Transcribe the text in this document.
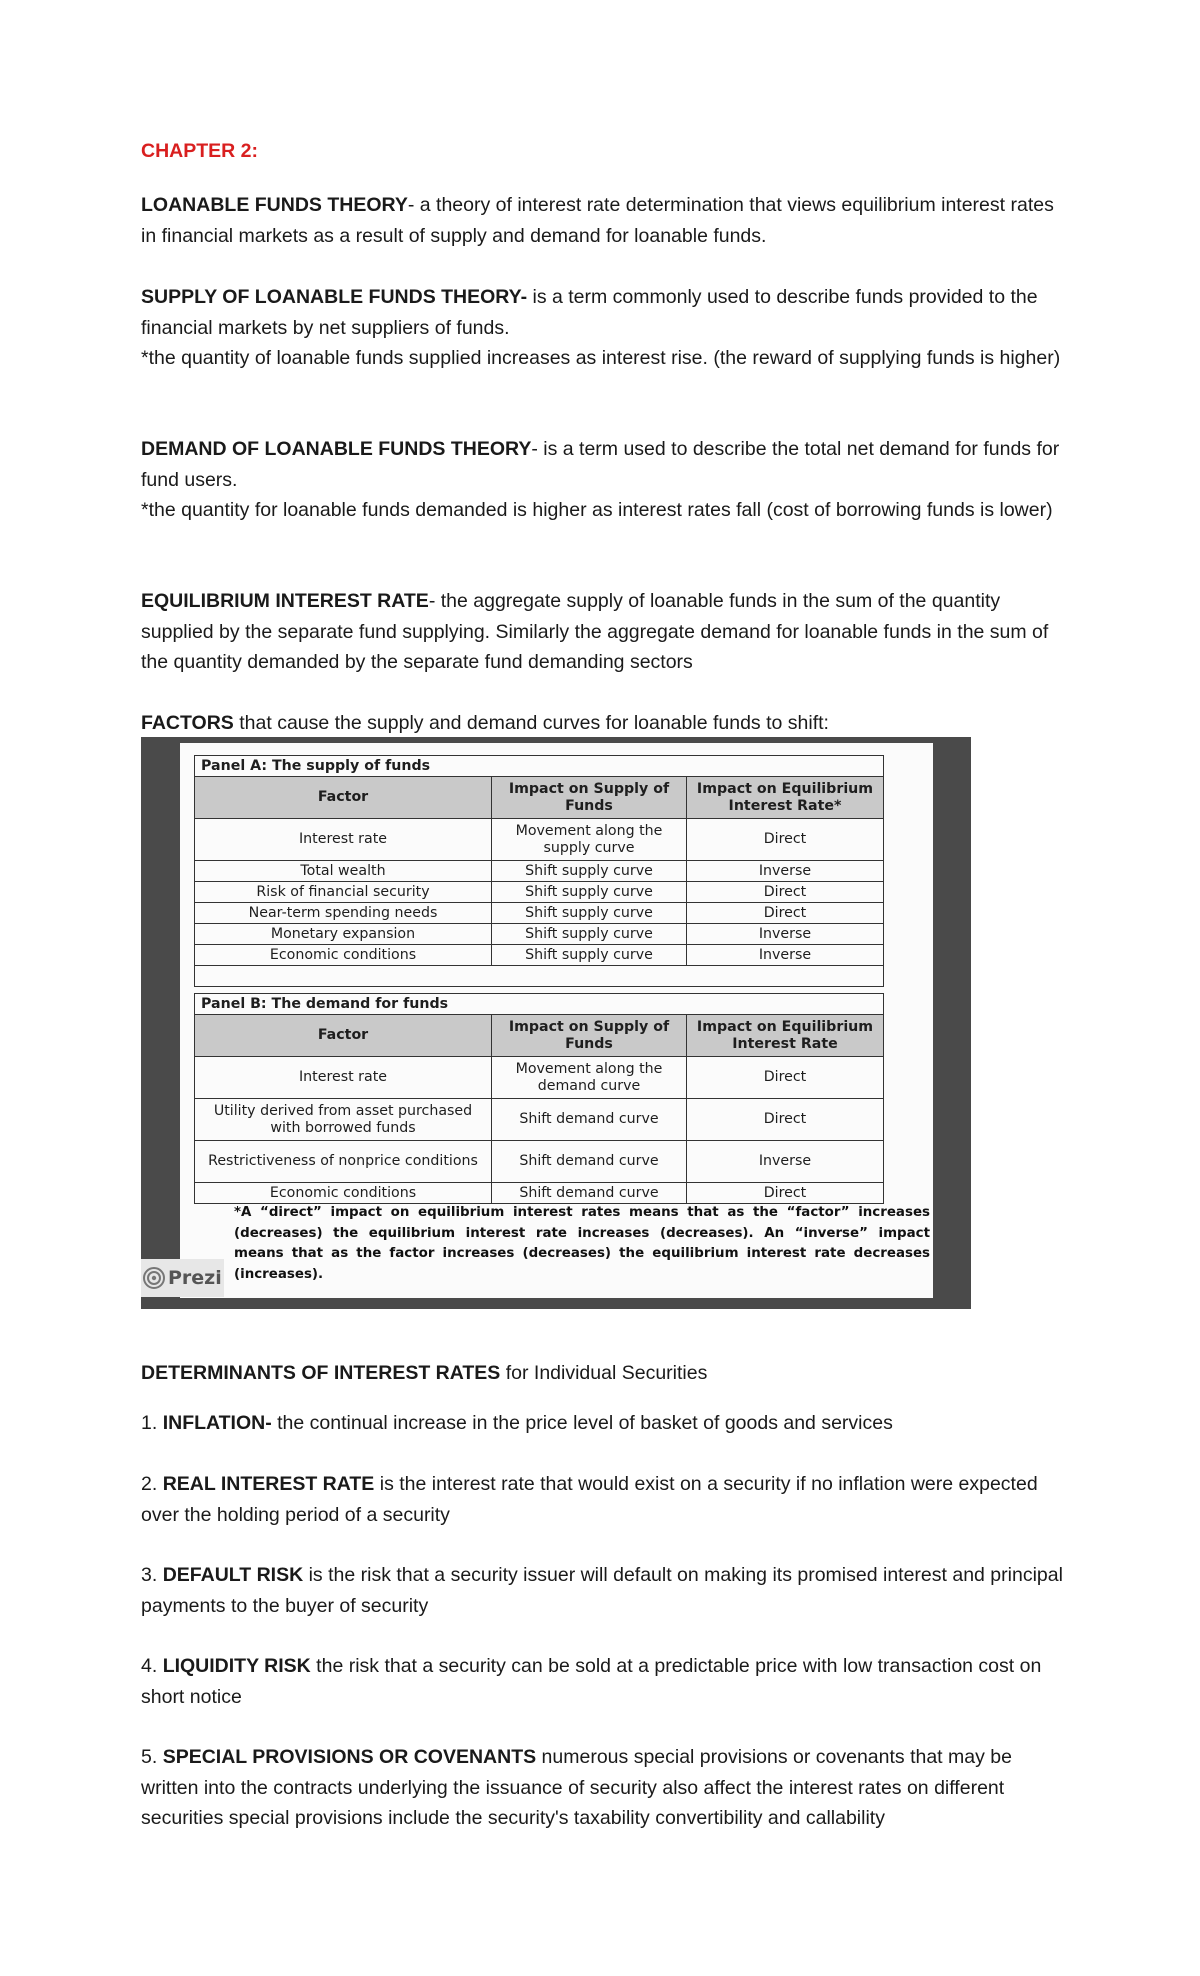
CHAPTER 2:

LOANABLE FUNDS THEORY- a theory of interest rate determination that views equilibrium interest rates in financial markets as a result of supply and demand for loanable funds.

SUPPLY OF LOANABLE FUNDS THEORY- is a term commonly used to describe funds provided to the financial markets by net suppliers of funds.

*the quantity of loanable funds supplied increases as interest rise. (the reward of supplying funds is higher)

DEMAND OF LOANABLE FUNDS THEORY- is a term used to describe the total net demand for funds for fund users.

*the quantity for loanable funds demanded is higher as interest rates fall (cost of borrowing funds is lower)

EQUILIBRIUM INTEREST RATE- the aggregate supply of loanable funds in the sum of the quantity supplied by the separate fund supplying. Similarly the aggregate demand for loanable funds in the sum of the quantity demanded by the separate fund demanding sectors

FACTORS that cause the supply and demand curves for loanable funds to shift:

Panel A: The supply of funds		
Factor	Impact on Supply of Funds	Impact on Equilibrium Interest Rate*
Interest rate	Movement along the supply curve	Direct
Total wealth	Shift supply curve	Inverse
Risk of financial security	Shift supply curve	Direct
Near-term spending needs	Shift supply curve	Direct
Monetary expansion	Shift supply curve	Inverse
Economic conditions	Shift supply curve	Inverse

Panel B: The demand for funds		
Factor	Impact on Supply of Funds	Impact on Equilibrium Interest Rate
Interest rate	Movement along the demand curve	Direct
Utility derived from asset purchased with borrowed funds	Shift demand curve	Direct
Restrictiveness of nonprice conditions	Shift demand curve	Inverse
Economic conditions	Shift demand curve	Direct
*A “direct” impact on equilibrium interest rates means that as the “factor” increases (decreases) the equilibrium interest rate increases (decreases). An “inverse” impact means that as the factor increases (decreases) the equilibrium interest rate decreases (increases).
Prezi

DETERMINANTS OF INTEREST RATES for Individual Securities

1. INFLATION- the continual increase in the price level of basket of goods and services

2. REAL INTEREST RATE is the interest rate that would exist on a security if no inflation were expected over the holding period of a security

3. DEFAULT RISK is the risk that a security issuer will default on making its promised interest and principal payments to the buyer of security

4. LIQUIDITY RISK the risk that a security can be sold at a predictable price with low transaction cost on short notice

5. SPECIAL PROVISIONS OR COVENANTS numerous special provisions or covenants that may be written into the contracts underlying the issuance of security also affect the interest rates on different securities special provisions include the security's taxability convertibility and callability
